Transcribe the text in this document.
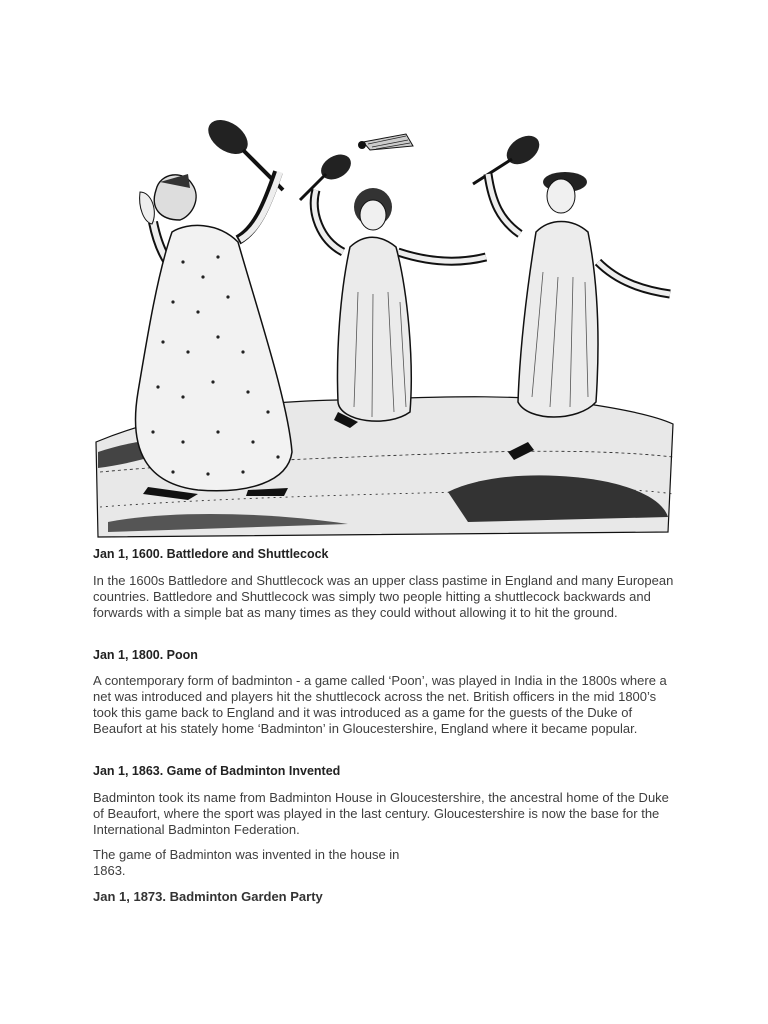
Jan 1, 1600. Battledore and Shuttlecock

In the 1600s Battledore and Shuttlecock was an upper class pastime in England and many European countries. Battledore and Shuttlecock was simply two people hitting a shuttlecock backwards and forwards with a simple bat as many times as they could without allowing it to hit the ground.

Jan 1, 1800. Poon

A contemporary form of badminton - a game called ‘Poon’, was played in India in the 1800s where a net was introduced and players hit the shuttlecock across the net. British officers in the mid 1800’s took this game back to England and it was introduced as a game for the guests of the Duke of Beaufort at his stately home ‘Badminton’ in Gloucestershire, England where it became popular.

Jan 1, 1863. Game of Badminton Invented

Badminton took its name from Badminton House in Gloucestershire, the ancestral home of the Duke of Beaufort, where the sport was played in the last century. Gloucestershire is now the base for the International Badminton Federation.

The game of Badminton was invented in the house in 1863.

Jan 1, 1873. Badminton Garden Party
